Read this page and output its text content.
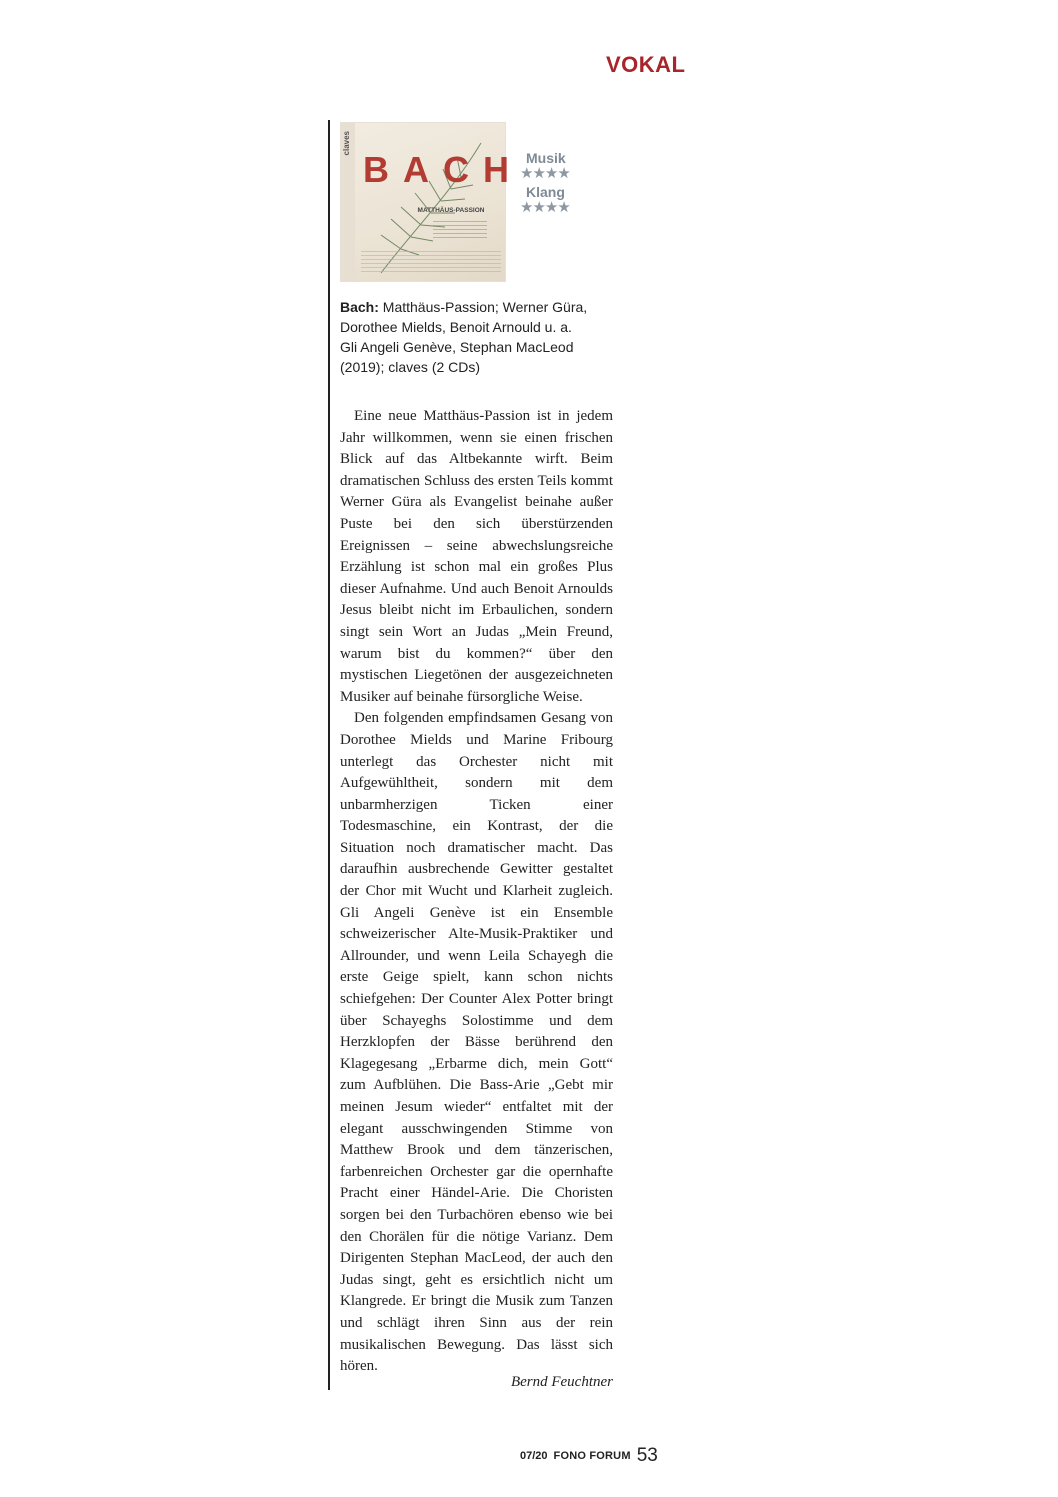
VOKAL
claves
BACH
MATTHÄUS-PASSION
Musik
★★★★
Klang
★★★★
Bach: Matthäus-Passion; Werner Güra,
Dorothee Mields, Benoit Arnould u. a.
Gli Angeli Genève, Stephan MacLeod
(2019); claves (2 CDs)

Eine neue Matthäus-Passion ist in jedem Jahr willkommen, wenn sie einen frischen Blick auf das Altbekannte wirft. Beim dramatischen Schluss des ersten Teils kommt Werner Güra als Evangelist beinahe außer Puste bei den sich überstürzenden Ereignissen – seine abwechslungsreiche Erzählung ist schon mal ein großes Plus dieser Aufnahme. Und auch Benoit Arnoulds Jesus bleibt nicht im Erbaulichen, sondern singt sein Wort an Judas „Mein Freund, warum bist du kommen?“ über den mystischen Liegetönen der ausgezeichneten Musiker auf beinahe fürsorgliche Weise.

Den folgenden empfindsamen Gesang von Dorothee Mields und Marine Fribourg unterlegt das Orchester nicht mit Aufgewühltheit, sondern mit dem unbarmherzigen Ticken einer Todesmaschine, ein Kontrast, der die Situation noch dramatischer macht. Das daraufhin ausbrechende Gewitter gestaltet der Chor mit Wucht und Klarheit zugleich. Gli Angeli Genève ist ein Ensemble schweizerischer Alte-Musik-Praktiker und Allrounder, und wenn Leila Schayegh die erste Geige spielt, kann schon nichts schiefgehen: Der Counter Alex Potter bringt über Schayeghs Solostimme und dem Herzklopfen der Bässe berührend den Klagegesang „Erbarme dich, mein Gott“ zum Aufblühen. Die Bass-Arie „Gebt mir meinen Jesum wieder“ entfaltet mit der elegant ausschwingenden Stimme von Matthew Brook und dem tänzerischen, farbenreichen Orchester gar die opernhafte Pracht einer Händel-Arie. Die Choristen sorgen bei den Turbachören ebenso wie bei den Chorälen für die nötige Varianz. Dem Dirigenten Stephan MacLeod, der auch den Judas singt, geht es ersichtlich nicht um Klangrede. Er bringt die Musik zum Tanzen und schlägt ihren Sinn aus der rein musikalischen Bewegung. Das lässt sich hören.

Bernd Feuchtner
07/20 FONO FORUM 53
